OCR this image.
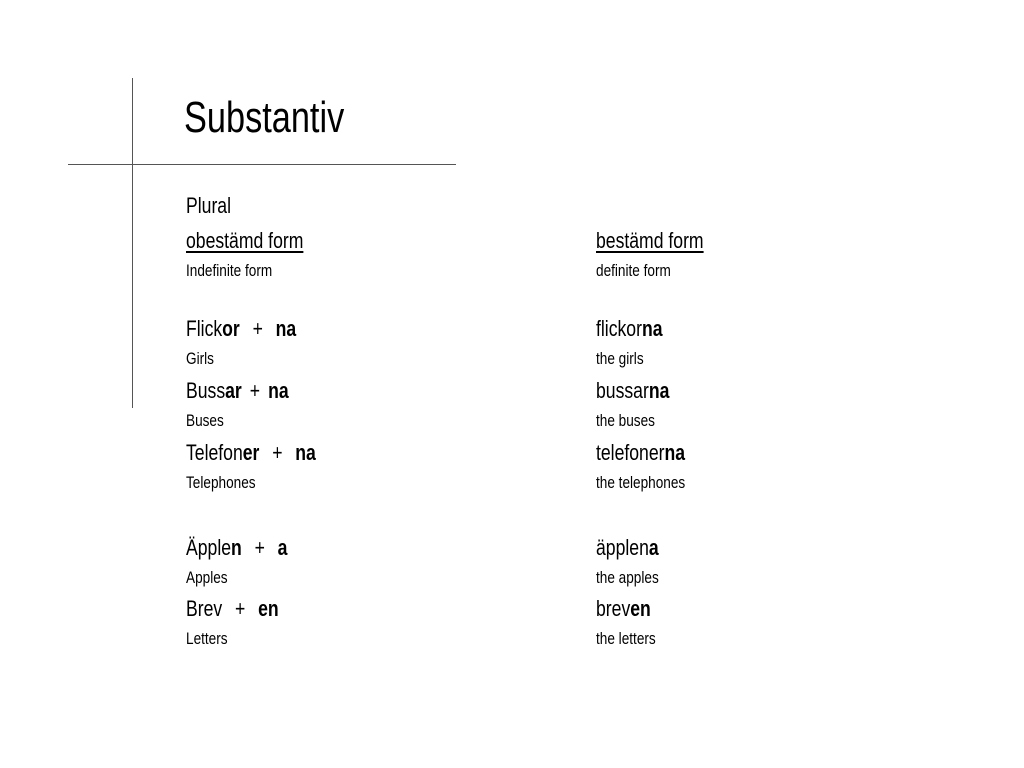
Substantiv
Plural
obestämd form
Indefinite form
Flickor + na
Girls
Bussar + na
Buses
Telefoner + na
Telephones
Äpplen + a
Apples
Brev + en
Letters
bestämd form
definite form
flickorna
the girls
bussarna
the buses
telefonerna
the telephones
äpplena
the apples
breven
the letters
